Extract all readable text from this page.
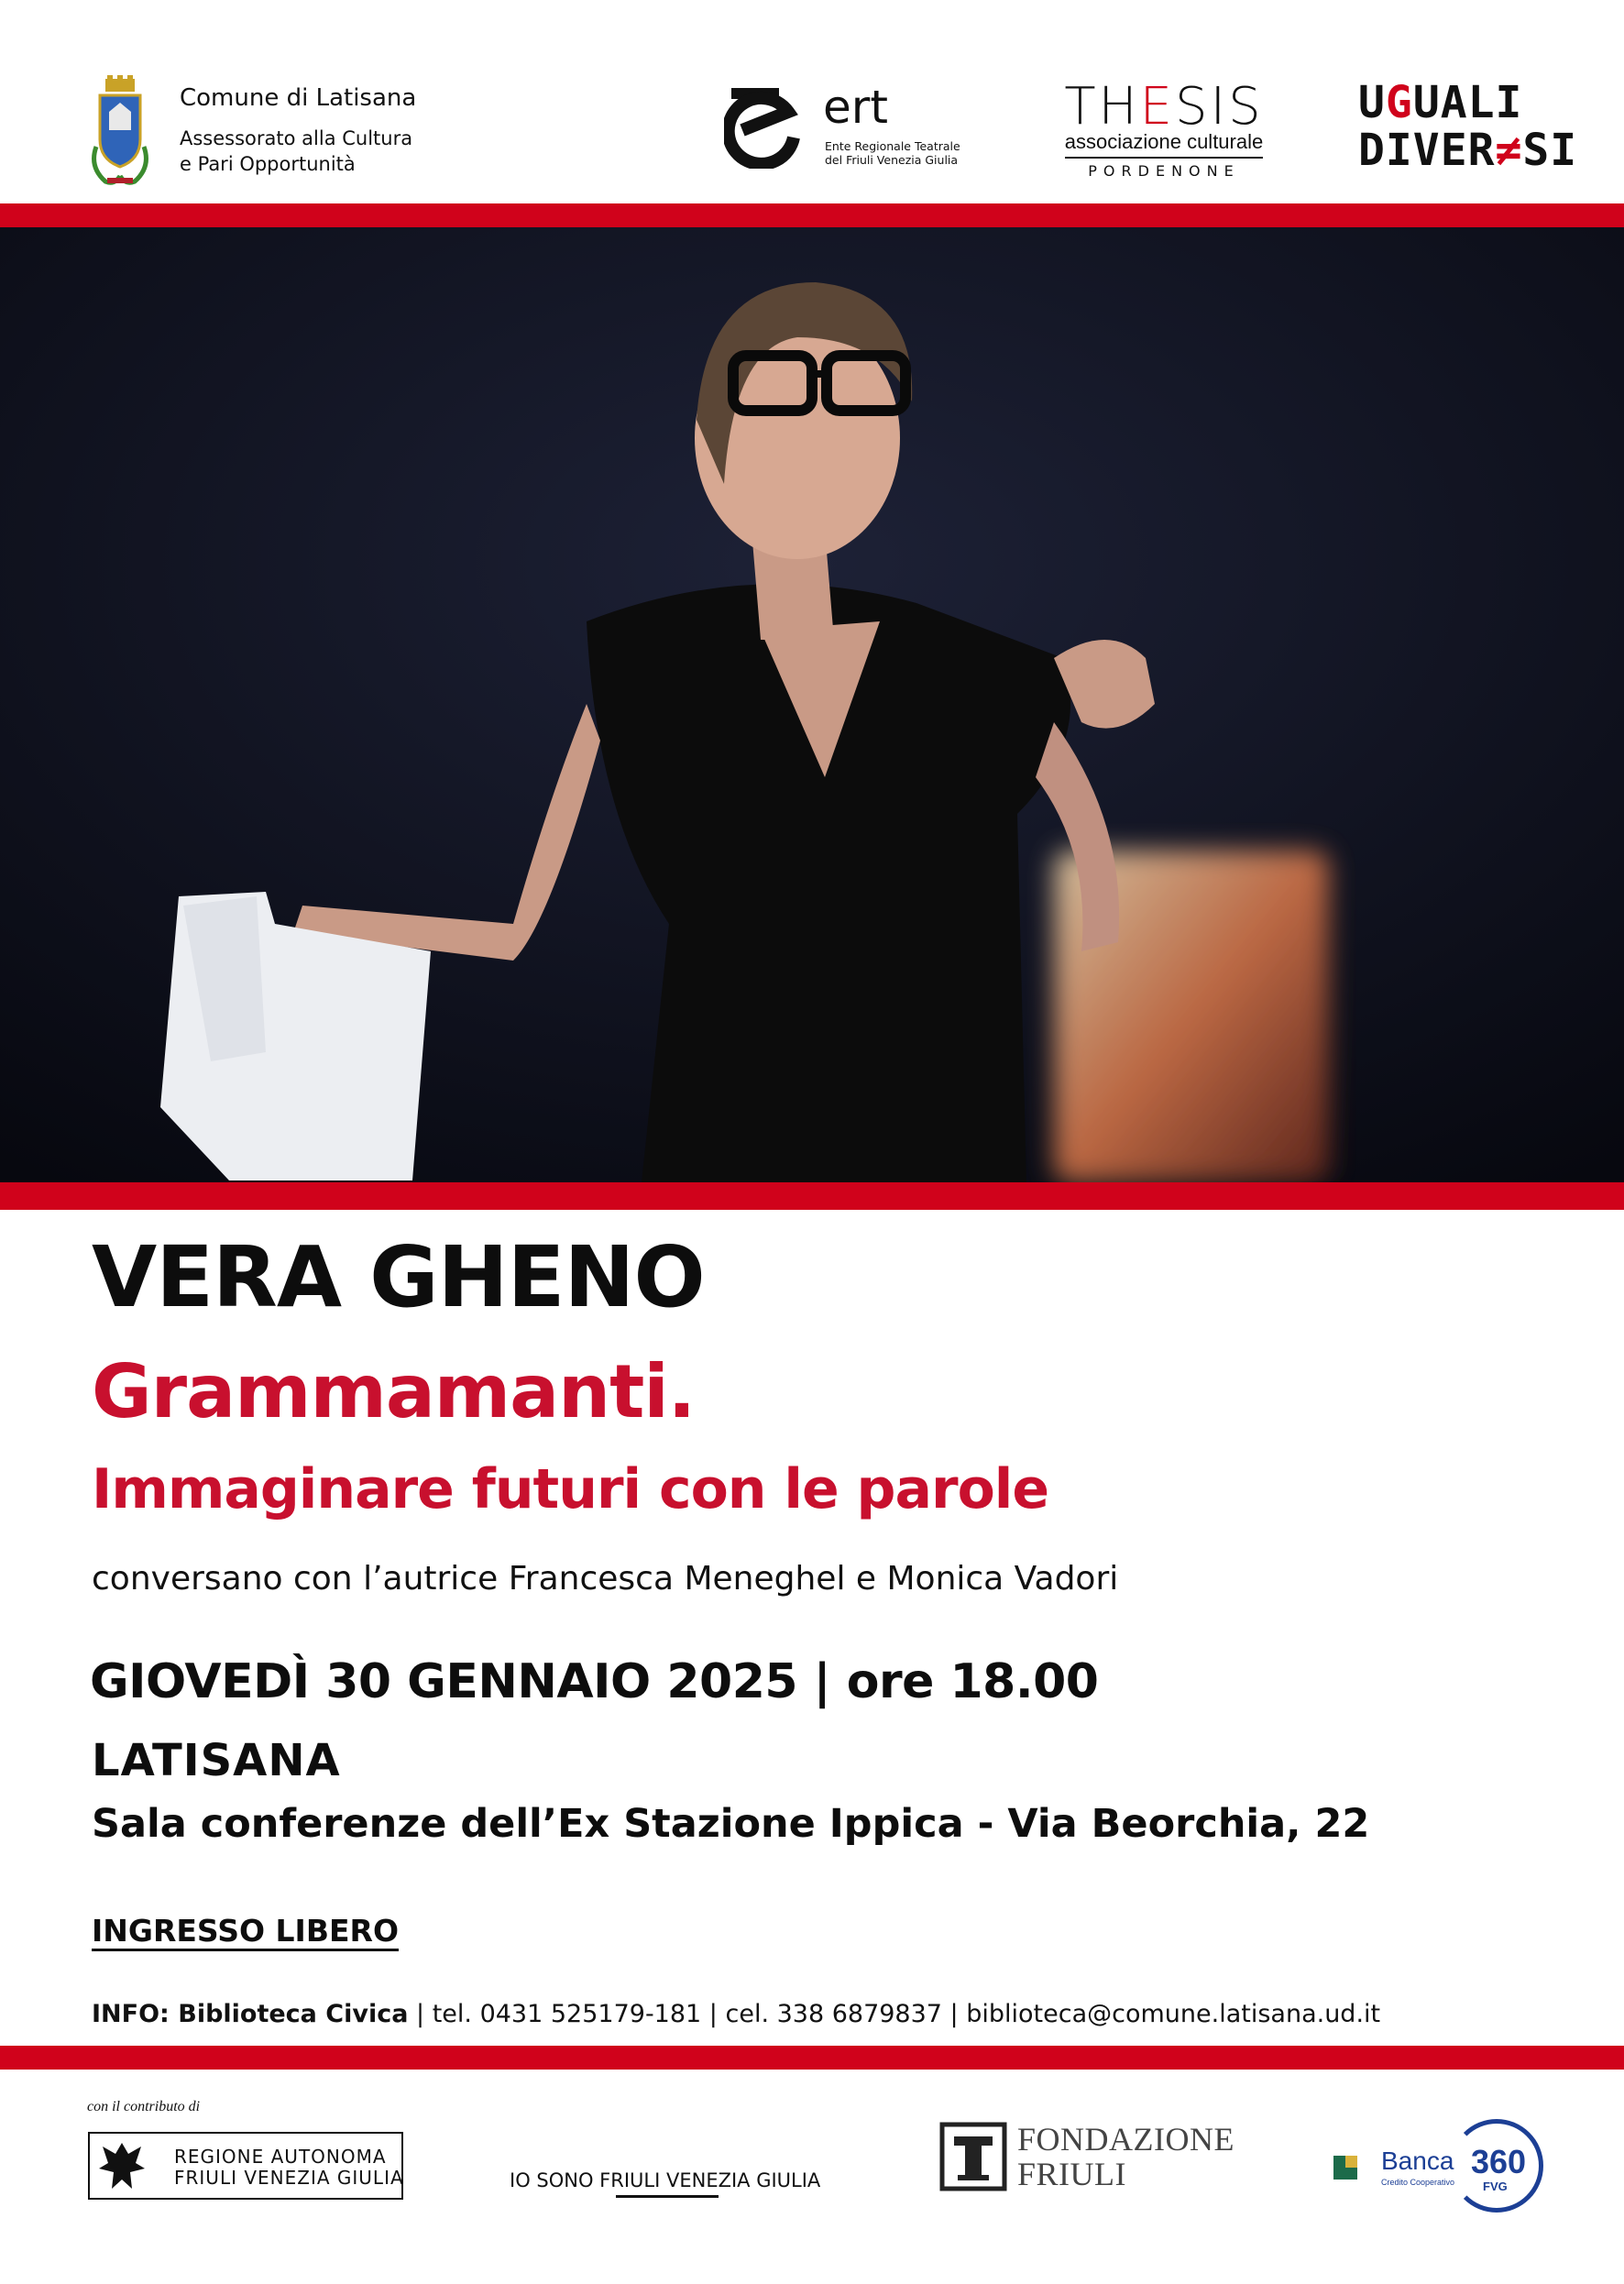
Comune di Latisana
Assessorato alla Cultura
e Pari Opportunità
ert
Ente Regionale Teatrale
del Friuli Venezia Giulia
THESIS
associazione culturale
PORDENONE
UGUALI
DIVER≠SI
VERA GHENO
Grammamanti.
Immaginare futuri con le parole
conversano con l’autrice Francesca Meneghel e Monica Vadori
GIOVEDÌ 30 GENNAIO 2025 | ore 18.00
LATISANA
Sala conferenze dell’Ex Stazione Ippica - Via Beorchia, 22
INGRESSO LIBERO
INFO: Biblioteca Civica | tel. 0431 525179-181 | cel. 338 6879837 | biblioteca@comune.latisana.ud.it
con il contributo di
REGIONE AUTONOMA
FRIULI VENEZIA GIULIA	IO SONO FRIULI VENEZIA GIULIA
FONDAZIONE
FRIULI	Banca
Credito Cooperativo
360
FVG
